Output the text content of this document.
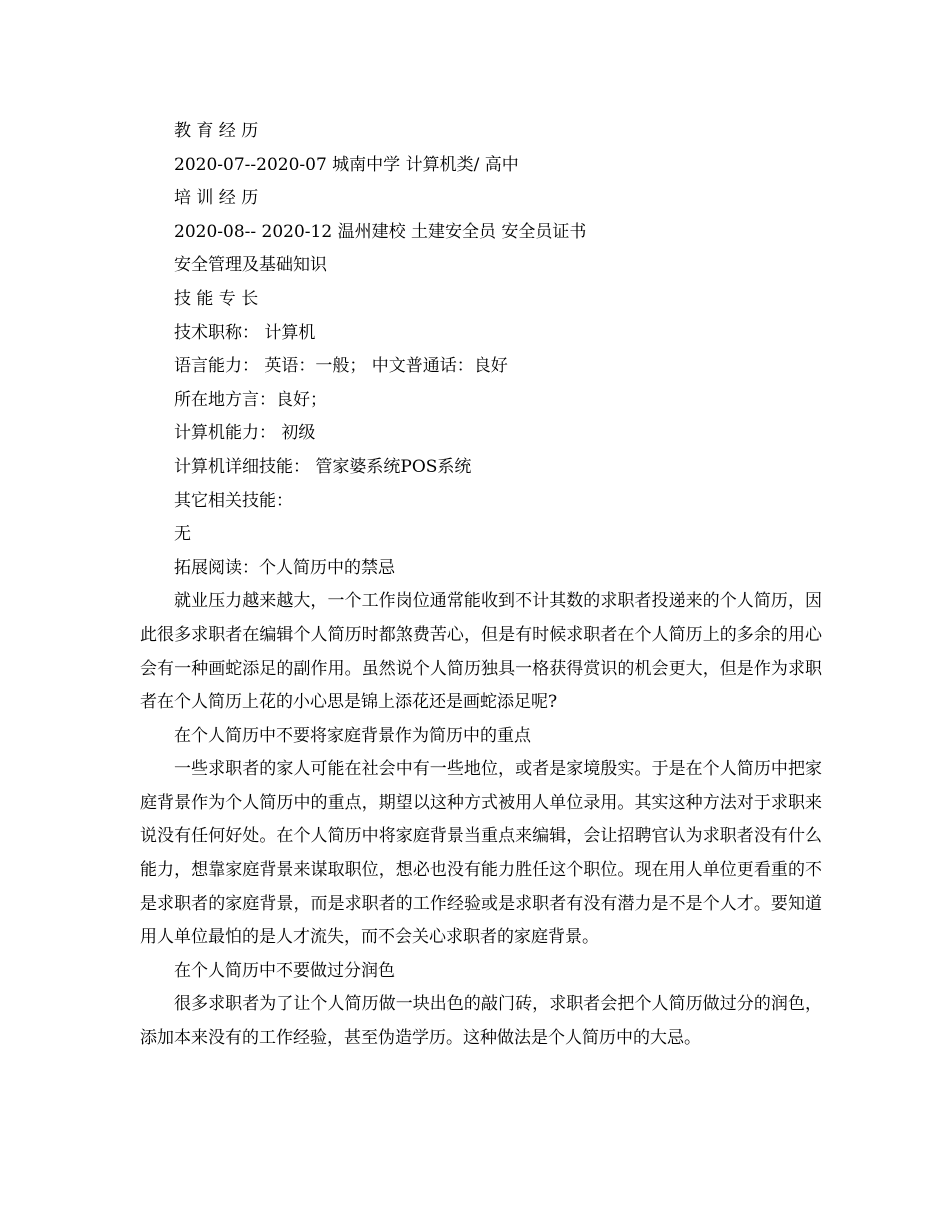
教 育 经 历
2020-07--2020-07 城南中学 计算机类/ 高中
培 训 经 历
2020-08-- 2020-12 温州建校 土建安全员 安全员证书
安全管理及基础知识
技 能 专 长
技术职称： 计算机
语言能力： 英语：一般； 中文普通话：良好
所在地方言：良好；
计算机能力： 初级
计算机详细技能： 管家婆系统POS系统
其它相关技能：
无
拓展阅读：个人简历中的禁忌

就业压力越来越大，一个工作岗位通常能收到不计其数的求职者投递来的个人简历，因此很多求职者在编辑个人简历时都煞费苦心，但是有时候求职者在个人简历上的多余的用心会有一种画蛇添足的副作用。虽然说个人简历独具一格获得赏识的机会更大，但是作为求职者在个人简历上花的小心思是锦上添花还是画蛇添足呢?

在个人简历中不要将家庭背景作为简历中的重点

一些求职者的家人可能在社会中有一些地位，或者是家境殷实。于是在个人简历中把家庭背景作为个人简历中的重点，期望以这种方式被用人单位录用。其实这种方法对于求职来说没有任何好处。在个人简历中将家庭背景当重点来编辑，会让招聘官认为求职者没有什么能力，想靠家庭背景来谋取职位，想必也没有能力胜任这个职位。现在用人单位更看重的不是求职者的家庭背景，而是求职者的工作经验或是求职者有没有潜力是不是个人才。要知道用人单位最怕的是人才流失，而不会关心求职者的家庭背景。

在个人简历中不要做过分润色

很多求职者为了让个人简历做一块出色的敲门砖，求职者会把个人简历做过分的润色，添加本来没有的工作经验，甚至伪造学历。这种做法是个人简历中的大忌。
